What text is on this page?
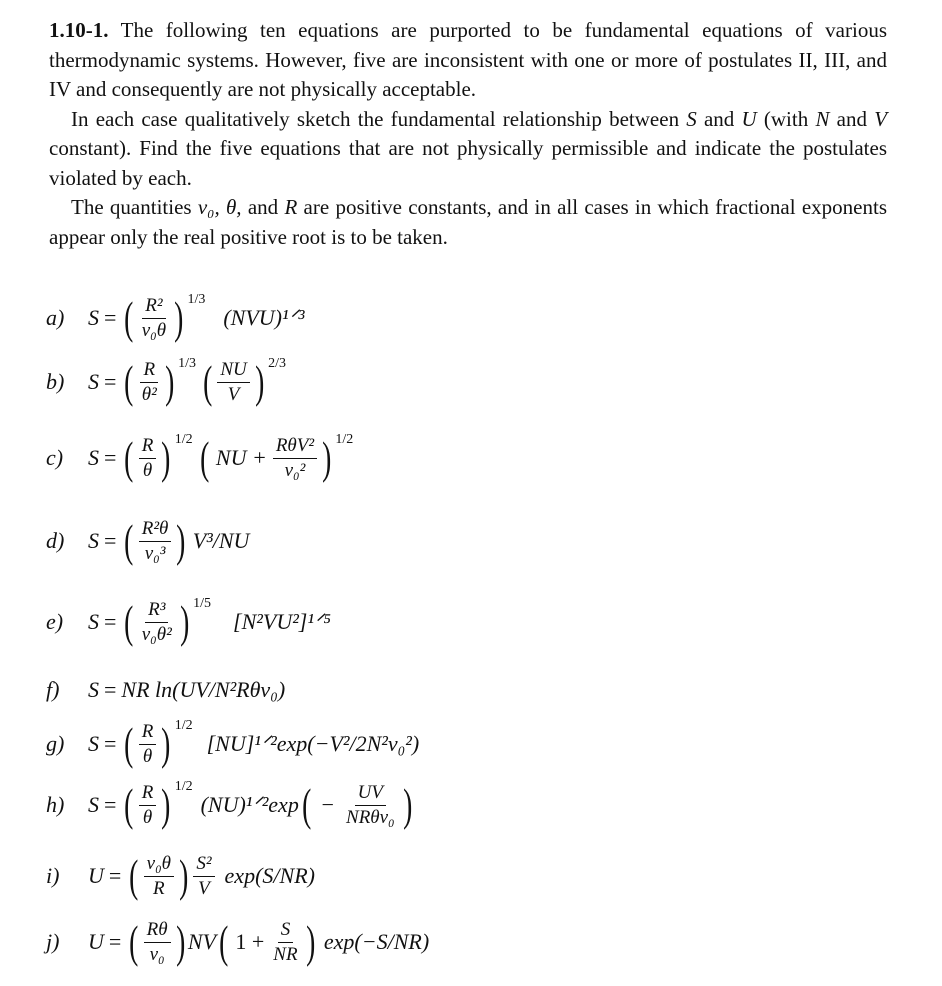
1.10-1. The following ten equations are purported to be fundamental equations of various thermodynamic systems. However, five are inconsistent with one or more of postulates II, III, and IV and consequently are not physically acceptable.

In each case qualitatively sketch the fundamental relationship between S and U (with N and V constant). Find the five equations that are not physically permissible and indicate the postulates violated by each.

The quantities v₀, θ, and R are positive constants, and in all cases in which fractional exponents appear only the real positive root is to be taken.

a)	S = ( $\frac{\text{R²}}{\text{v₀θ}}$ ) 1/3
(NVU)¹ᐟ³
b)	S = ( $\frac{R}{\text{θ²}}$ ) 1/3 ( $\frac{NU}{V}$ ) 2/3
c)	S = ( $\frac{R}{\theta}$ ) 1/2 ( NU + $\frac{\text{RθV²}}{\text{v₀²}}$ ) 1/2
d)	S = ( $\frac{\text{R²θ}}{\text{v₀³}}$ ) V³/NU
e)	S = ( $\frac{\text{R³}}{\text{v₀θ²}}$ ) 1/5
[N²VU²]¹ᐟ⁵
f)	S = NR ln(UV/N²Rθv₀)
g)	S = ( $\frac{R}{\theta}$ ) 1/2
[NU]¹ᐟ²exp(−V²/2N²v₀²)
h)	S = ( $\frac{R}{\theta}$ ) 1/2
(NU)¹ᐟ²exp ( − $\frac{UV}{\text{NRθv₀}}$ )
i)	U = ( $\frac{\text{v₀θ}}{R}$ ) $\frac{\text{S²}}{V} \exp(S/NR)$
j)	U = ( $\frac{R\theta}{\text{v₀}}$ ) NV ( $1 + \frac{S}{NR}$ ) exp(−S/NR)
